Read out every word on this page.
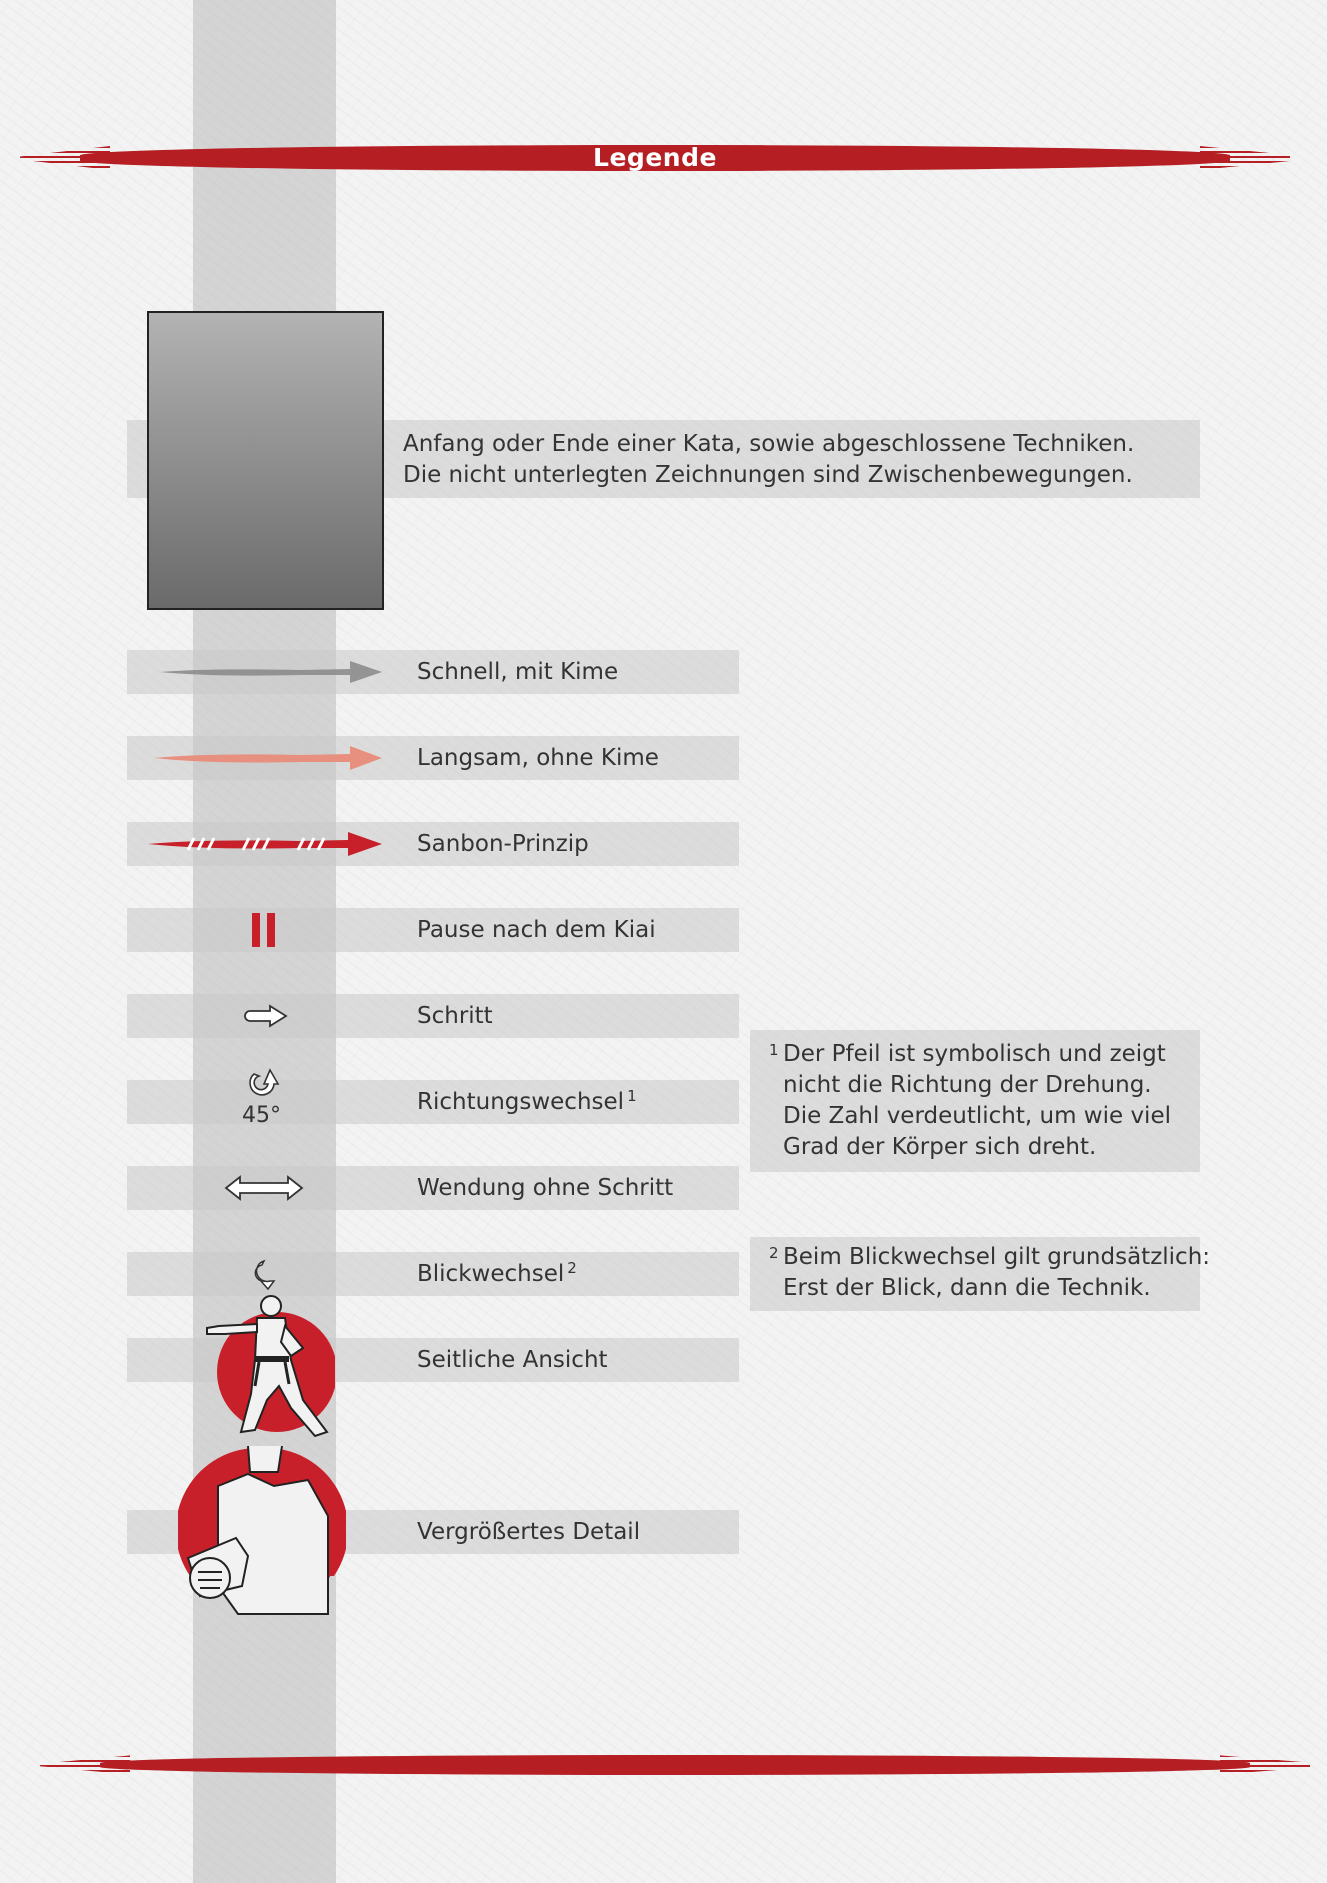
Legende
Anfang oder Ende einer Kata, sowie abgeschlossene Techniken.
Die nicht unterlegten Zeichnungen sind Zwischenbewegungen.
45°
Schnell, mit Kime
Langsam, ohne Kime
Sanbon-Prinzip
Pause nach dem Kiai
Schritt
Richtungswechsel $^1$
Wendung ohne Schritt
Blickwechsel $^2$
Seitliche Ansicht
Vergrößertes Detail
1 Der Pfeil ist symbolisch und zeigt
nicht die Richtung der Drehung.
Die Zahl verdeutlicht, um wie viel
Grad der Körper sich dreht.
2 Beim Blickwechsel gilt grundsätzlich:
Erst der Blick, dann die Technik.
